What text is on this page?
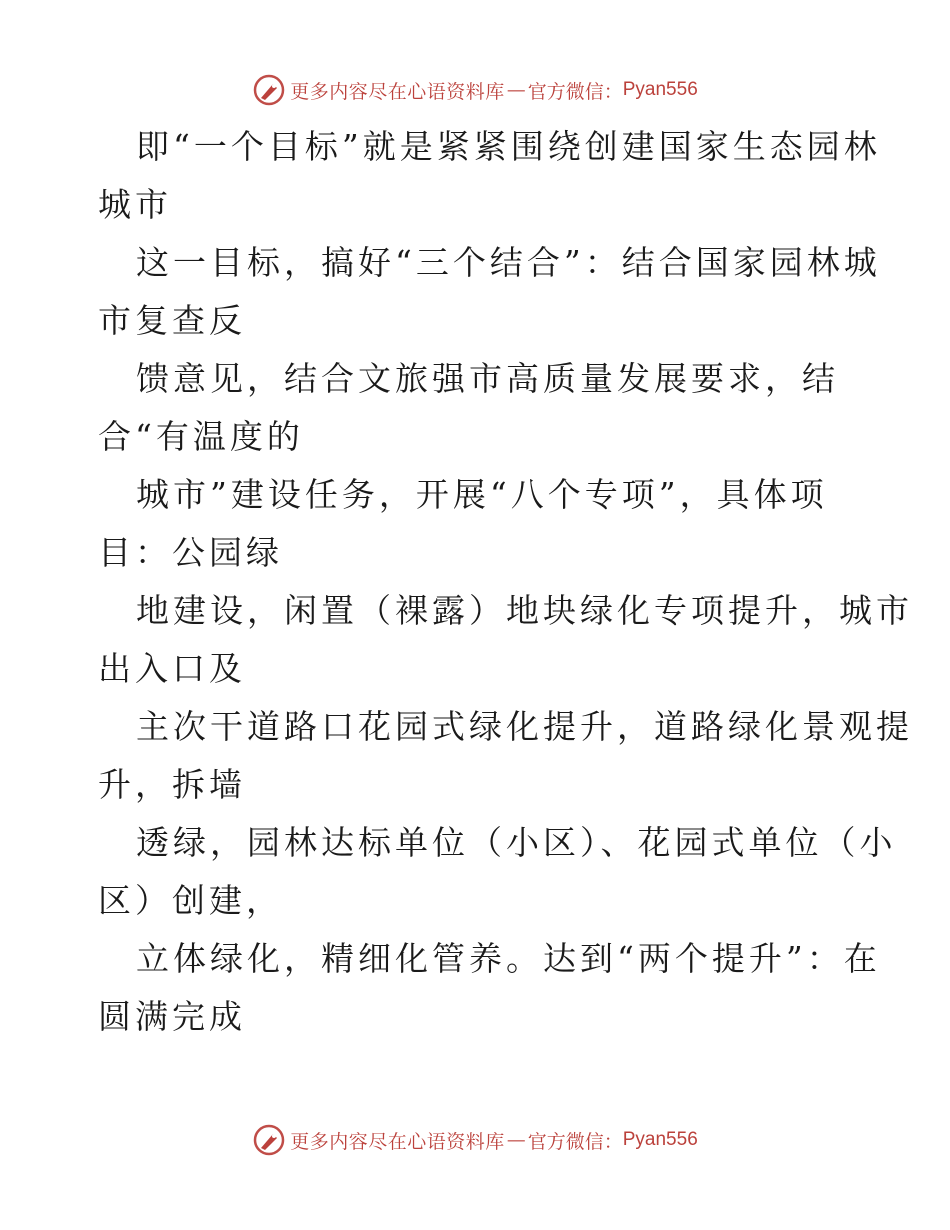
更多内容尽在心语资料库 — 官方微信： Pyan556
即“一个目标”就是紧紧围绕创建国家生态园林
城市
这一目标，搞好“三个结合”：结合国家园林城
市复查反
馈意见，结合文旅强市高质量发展要求，结
合“有温度的
城市”建设任务，开展“八个专项”，具体项
目：公园绿
地建设，闲置（裸露）地块绿化专项提升，城市
出入口及
主次干道路口花园式绿化提升，道路绿化景观提
升，拆墙
透绿，园林达标单位（小区）、花园式单位（小
区）创建，
立体绿化，精细化管养。达到“两个提升”：在
圆满完成
更多内容尽在心语资料库 — 官方微信： Pyan556
